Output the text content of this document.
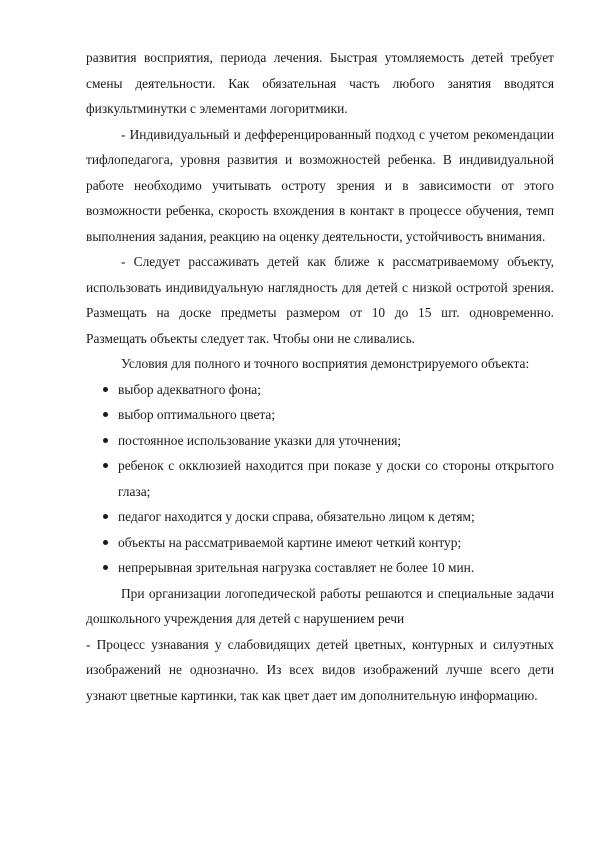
развития восприятия, периода лечения. Быстрая утомляемость детей требует смены деятельности. Как обязательная часть любого занятия вводятся физкультминутки с элементами логоритмики.

- Индивидуальный и дефференцированный подход с учетом рекомендации тифлопедагога, уровня развития и возможностей ребенка. В индивидуальной работе необходимо учитывать остроту зрения и в зависимости от этого возможности ребенка, скорость вхождения в контакт в процессе обучения, темп выполнения задания, реакцию на оценку деятельности, устойчивость внимания.

- Следует рассаживать детей как ближе к рассматриваемому объекту, использовать индивидуальную наглядность для детей с низкой остротой зрения. Размещать на доске предметы размером от 10 до 15 шт. одновременно. Размещать объекты следует так. Чтобы они не сливались.

Условия для полного и точного восприятия демонстрируемого объекта:

выбор адекватного фона;
выбор оптимального цвета;
постоянное использование указки для уточнения;
ребенок с окклюзией находится при показе у доски со стороны открытого глаза;
педагог находится у доски справа, обязательно лицом к детям;
объекты на рассматриваемой картине имеют четкий контур;
непрерывная зрительная нагрузка составляет не более 10 мин.

При организации логопедической работы решаются и специальные задачи дошкольного учреждения для детей с нарушением речи

- Процесс узнавания у слабовидящих детей цветных, контурных и силуэтных изображений не однозначно. Из всех видов изображений лучше всего дети узнают цветные картинки, так как цвет дает им дополнительную информацию.
